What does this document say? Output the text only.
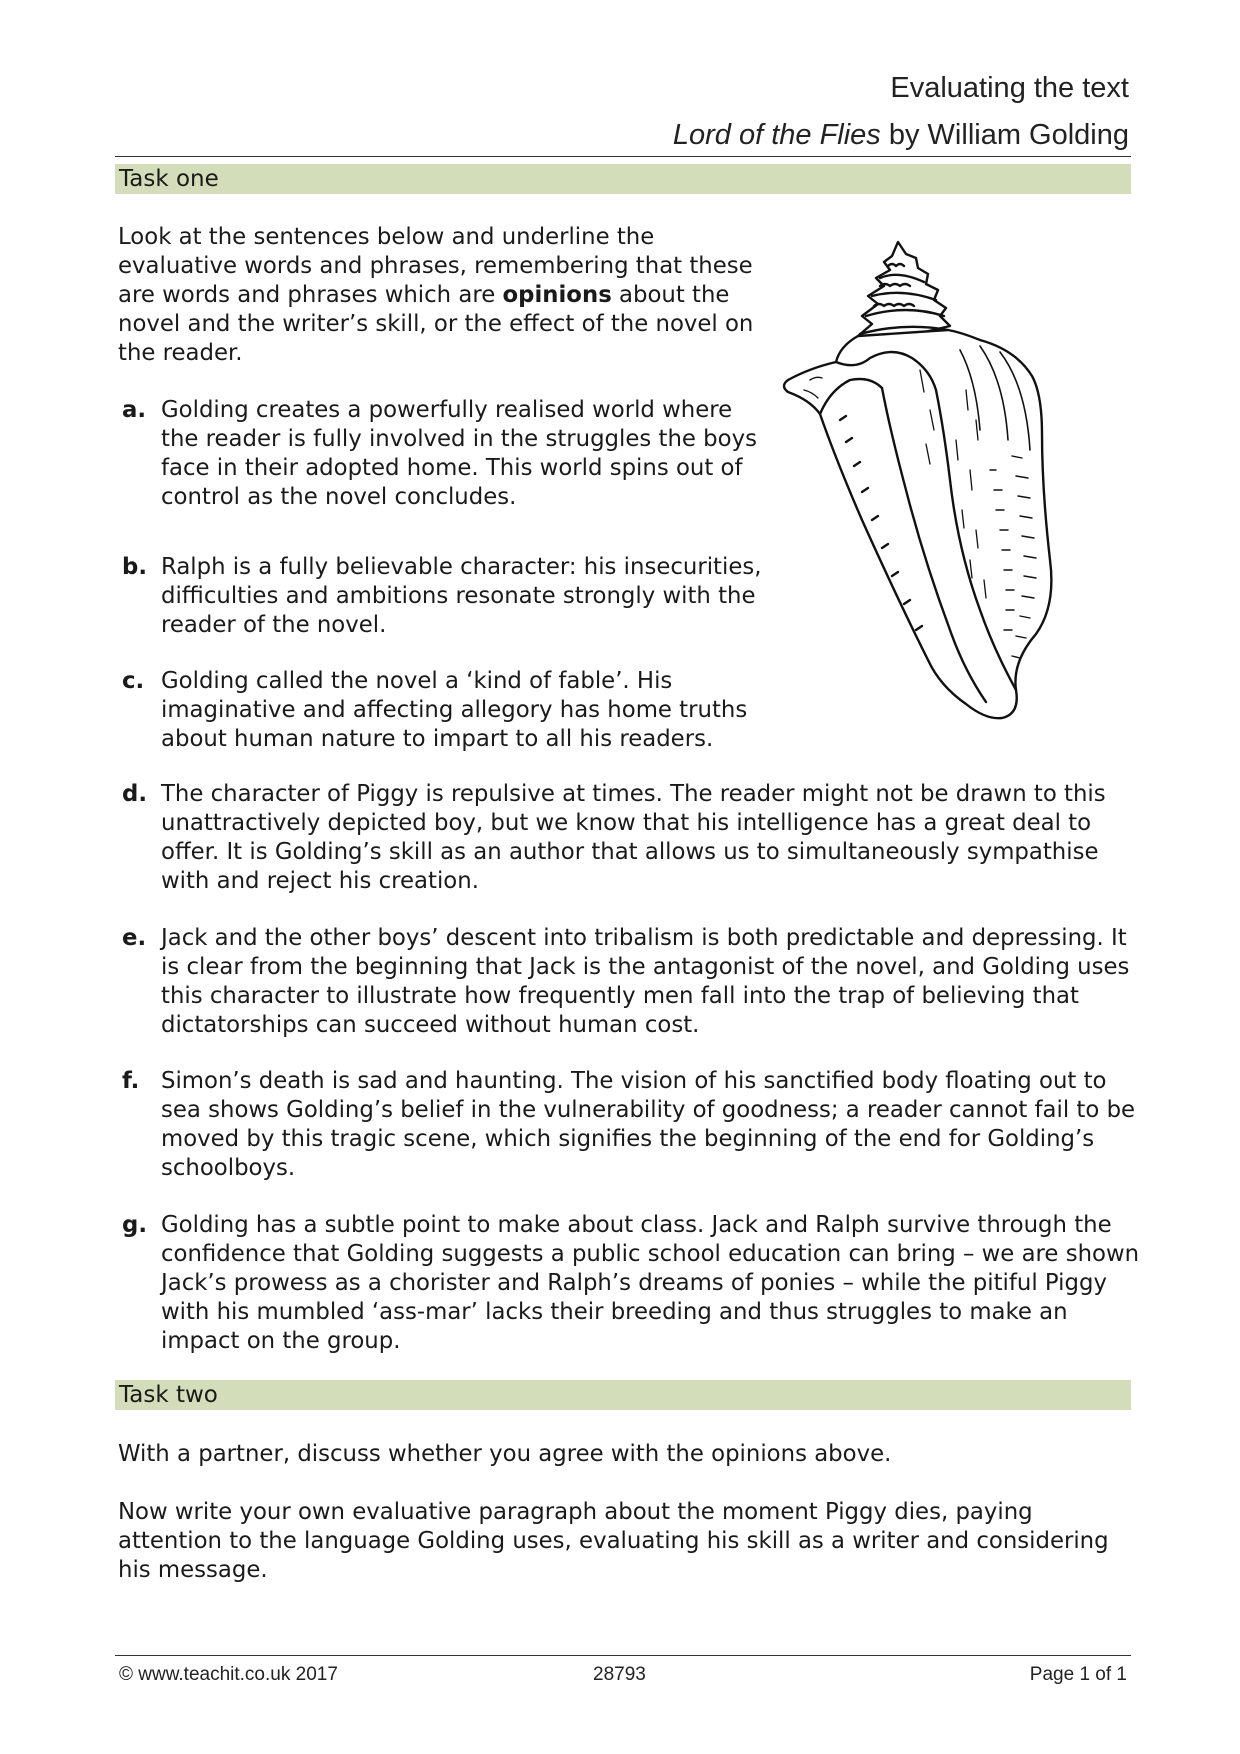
Evaluating the text
Lord of the Flies by William Golding
Task one
Look at the sentences below and underline the
evaluative words and phrases, remembering that these
are words and phrases which are opinions about the
novel and the writer’s skill, or the effect of the novel on
the reader.
a. Golding creates a powerfully realised world where
the reader is fully involved in the struggles the boys
face in their adopted home. This world spins out of
control as the novel concludes.
b. Ralph is a fully believable character: his insecurities,
difficulties and ambitions resonate strongly with the
reader of the novel.
c. Golding called the novel a ‘kind of fable’. His
imaginative and affecting allegory has home truths
about human nature to impart to all his readers.
d. The character of Piggy is repulsive at times. The reader might not be drawn to this
unattractively depicted boy, but we know that his intelligence has a great deal to
offer. It is Golding’s skill as an author that allows us to simultaneously sympathise
with and reject his creation.
e. Jack and the other boys’ descent into tribalism is both predictable and depressing. It
is clear from the beginning that Jack is the antagonist of the novel, and Golding uses
this character to illustrate how frequently men fall into the trap of believing that
dictatorships can succeed without human cost.
f. Simon’s death is sad and haunting. The vision of his sanctified body floating out to
sea shows Golding’s belief in the vulnerability of goodness; a reader cannot fail to be
moved by this tragic scene, which signifies the beginning of the end for Golding’s
schoolboys.
g. Golding has a subtle point to make about class. Jack and Ralph survive through the
confidence that Golding suggests a public school education can bring – we are shown
Jack’s prowess as a chorister and Ralph’s dreams of ponies – while the pitiful Piggy
with his mumbled ‘ass-mar’ lacks their breeding and thus struggles to make an
impact on the group.
Task two
With a partner, discuss whether you agree with the opinions above.
Now write your own evaluative paragraph about the moment Piggy dies, paying
attention to the language Golding uses, evaluating his skill as a writer and considering
his message.
© www.teachit.co.uk 2017	28793	Page 1 of 1
